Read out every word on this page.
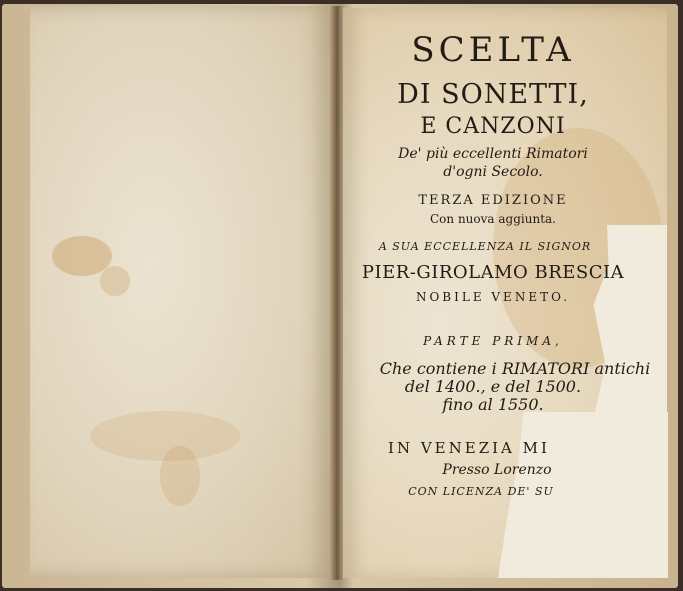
SCELTA
DI SONETTI,
E CANZONI
De' più eccellenti Rimatori
d'ogni Secolo.
TERZA EDIZIONE
Con nuova aggiunta.
A SUA ECCELLENZA IL SIGNOR
PIER-GIROLAMO BRESCIA
NOBILE VENETO.
PARTE PRIMA,
Che contiene i RIMATORI antichi
del 1400., e del 1500.
fino al 1550.
IN VENEZIA MI
Presso Lorenzo
CON LICENZA DE' SU
